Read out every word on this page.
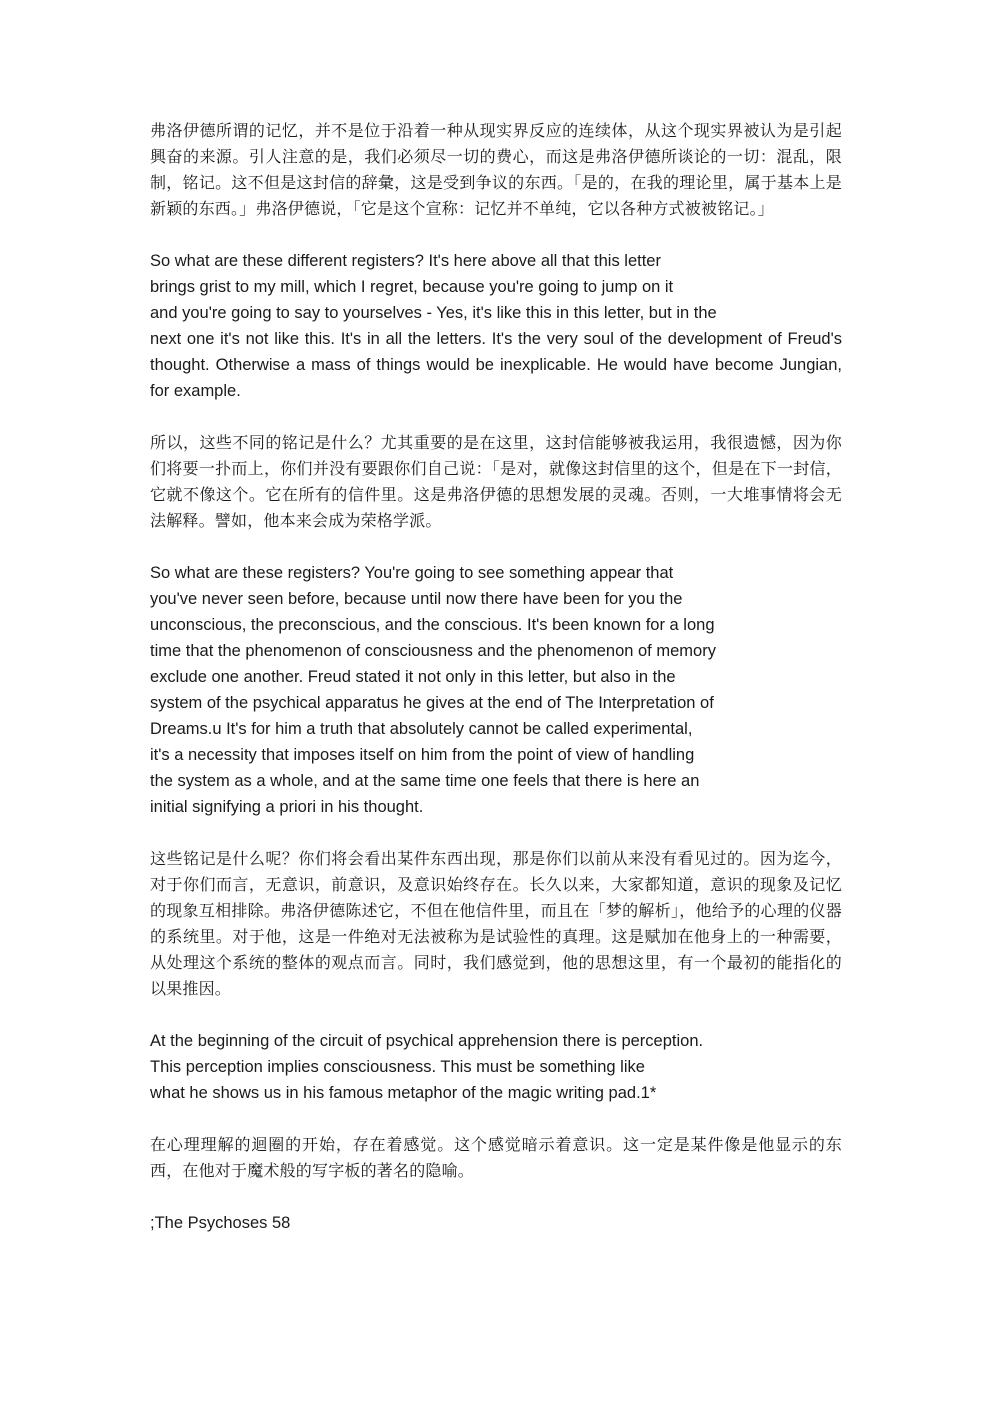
弗洛伊德所谓的记忆，并不是位于沿着一种从现实界反应的连续体，从这个现实界被认为是引起興奋的来源。引人注意的是，我们必须尽一切的费心，而这是弗洛伊德所谈论的一切：混乱，限制，铭记。这不但是这封信的辞彙，这是受到争议的东西。「是的，在我的理论里，属于基本上是新颖的东西。」弗洛伊德说，「它是这个宣称：记忆并不单纯，它以各种方式被被铭记。」

So what are these different registers? It's here above all that this letter
brings grist to my mill, which I regret, because you're going to jump on it
and you're going to say to yourselves - Yes, it's like this in this letter, but in the
next one it's not like this. It's in all the letters. It's the very soul of the development of Freud's thought. Otherwise a mass of things would be inexplicable. He would have become Jungian, for example.

所以，这些不同的铭记是什么？尤其重要的是在这里，这封信能够被我运用，我很遗憾，因为你们将要一扑而上，你们并没有要跟你们自己说：「是对，就像这封信里的这个，但是在下一封信，它就不像这个。它在所有的信件里。这是弗洛伊德的思想发展的灵魂。否则，一大堆事情将会无法解释。譬如，他本来会成为荣格学派。

So what are these registers? You're going to see something appear that
you've never seen before, because until now there have been for you the
unconscious, the preconscious, and the conscious. It's been known for a long
time that the phenomenon of consciousness and the phenomenon of memory
exclude one another. Freud stated it not only in this letter, but also in the
system of the psychical apparatus he gives at the end of The Interpretation of
Dreams.u It's for him a truth that absolutely cannot be called experimental,
it's a necessity that imposes itself on him from the point of view of handling
the system as a whole, and at the same time one feels that there is here an
initial signifying a priori in his thought.

这些铭记是什么呢？你们将会看出某件东西出现，那是你们以前从来没有看见过的。因为迄今，对于你们而言，无意识，前意识，及意识始终存在。长久以来，大家都知道，意识的现象及记忆的现象互相排除。弗洛伊德陈述它，不但在他信件里，而且在「梦的解析」，他给予的心理的仪器的系统里。对于他，这是一件绝对无法被称为是试验性的真理。这是赋加在他身上的一种需要，从处理这个系统的整体的观点而言。同时，我们感觉到，他的思想这里，有一个最初的能指化的以果推因。

At the beginning of the circuit of psychical apprehension there is perception.
This perception implies consciousness. This must be something like
what he shows us in his famous metaphor of the magic writing pad.1*

在心理理解的迴圈的开始，存在着感觉。这个感觉暗示着意识。这一定是某件像是他显示的东西，在他对于魔术般的写字板的著名的隐喻。

;The Psychoses 58
